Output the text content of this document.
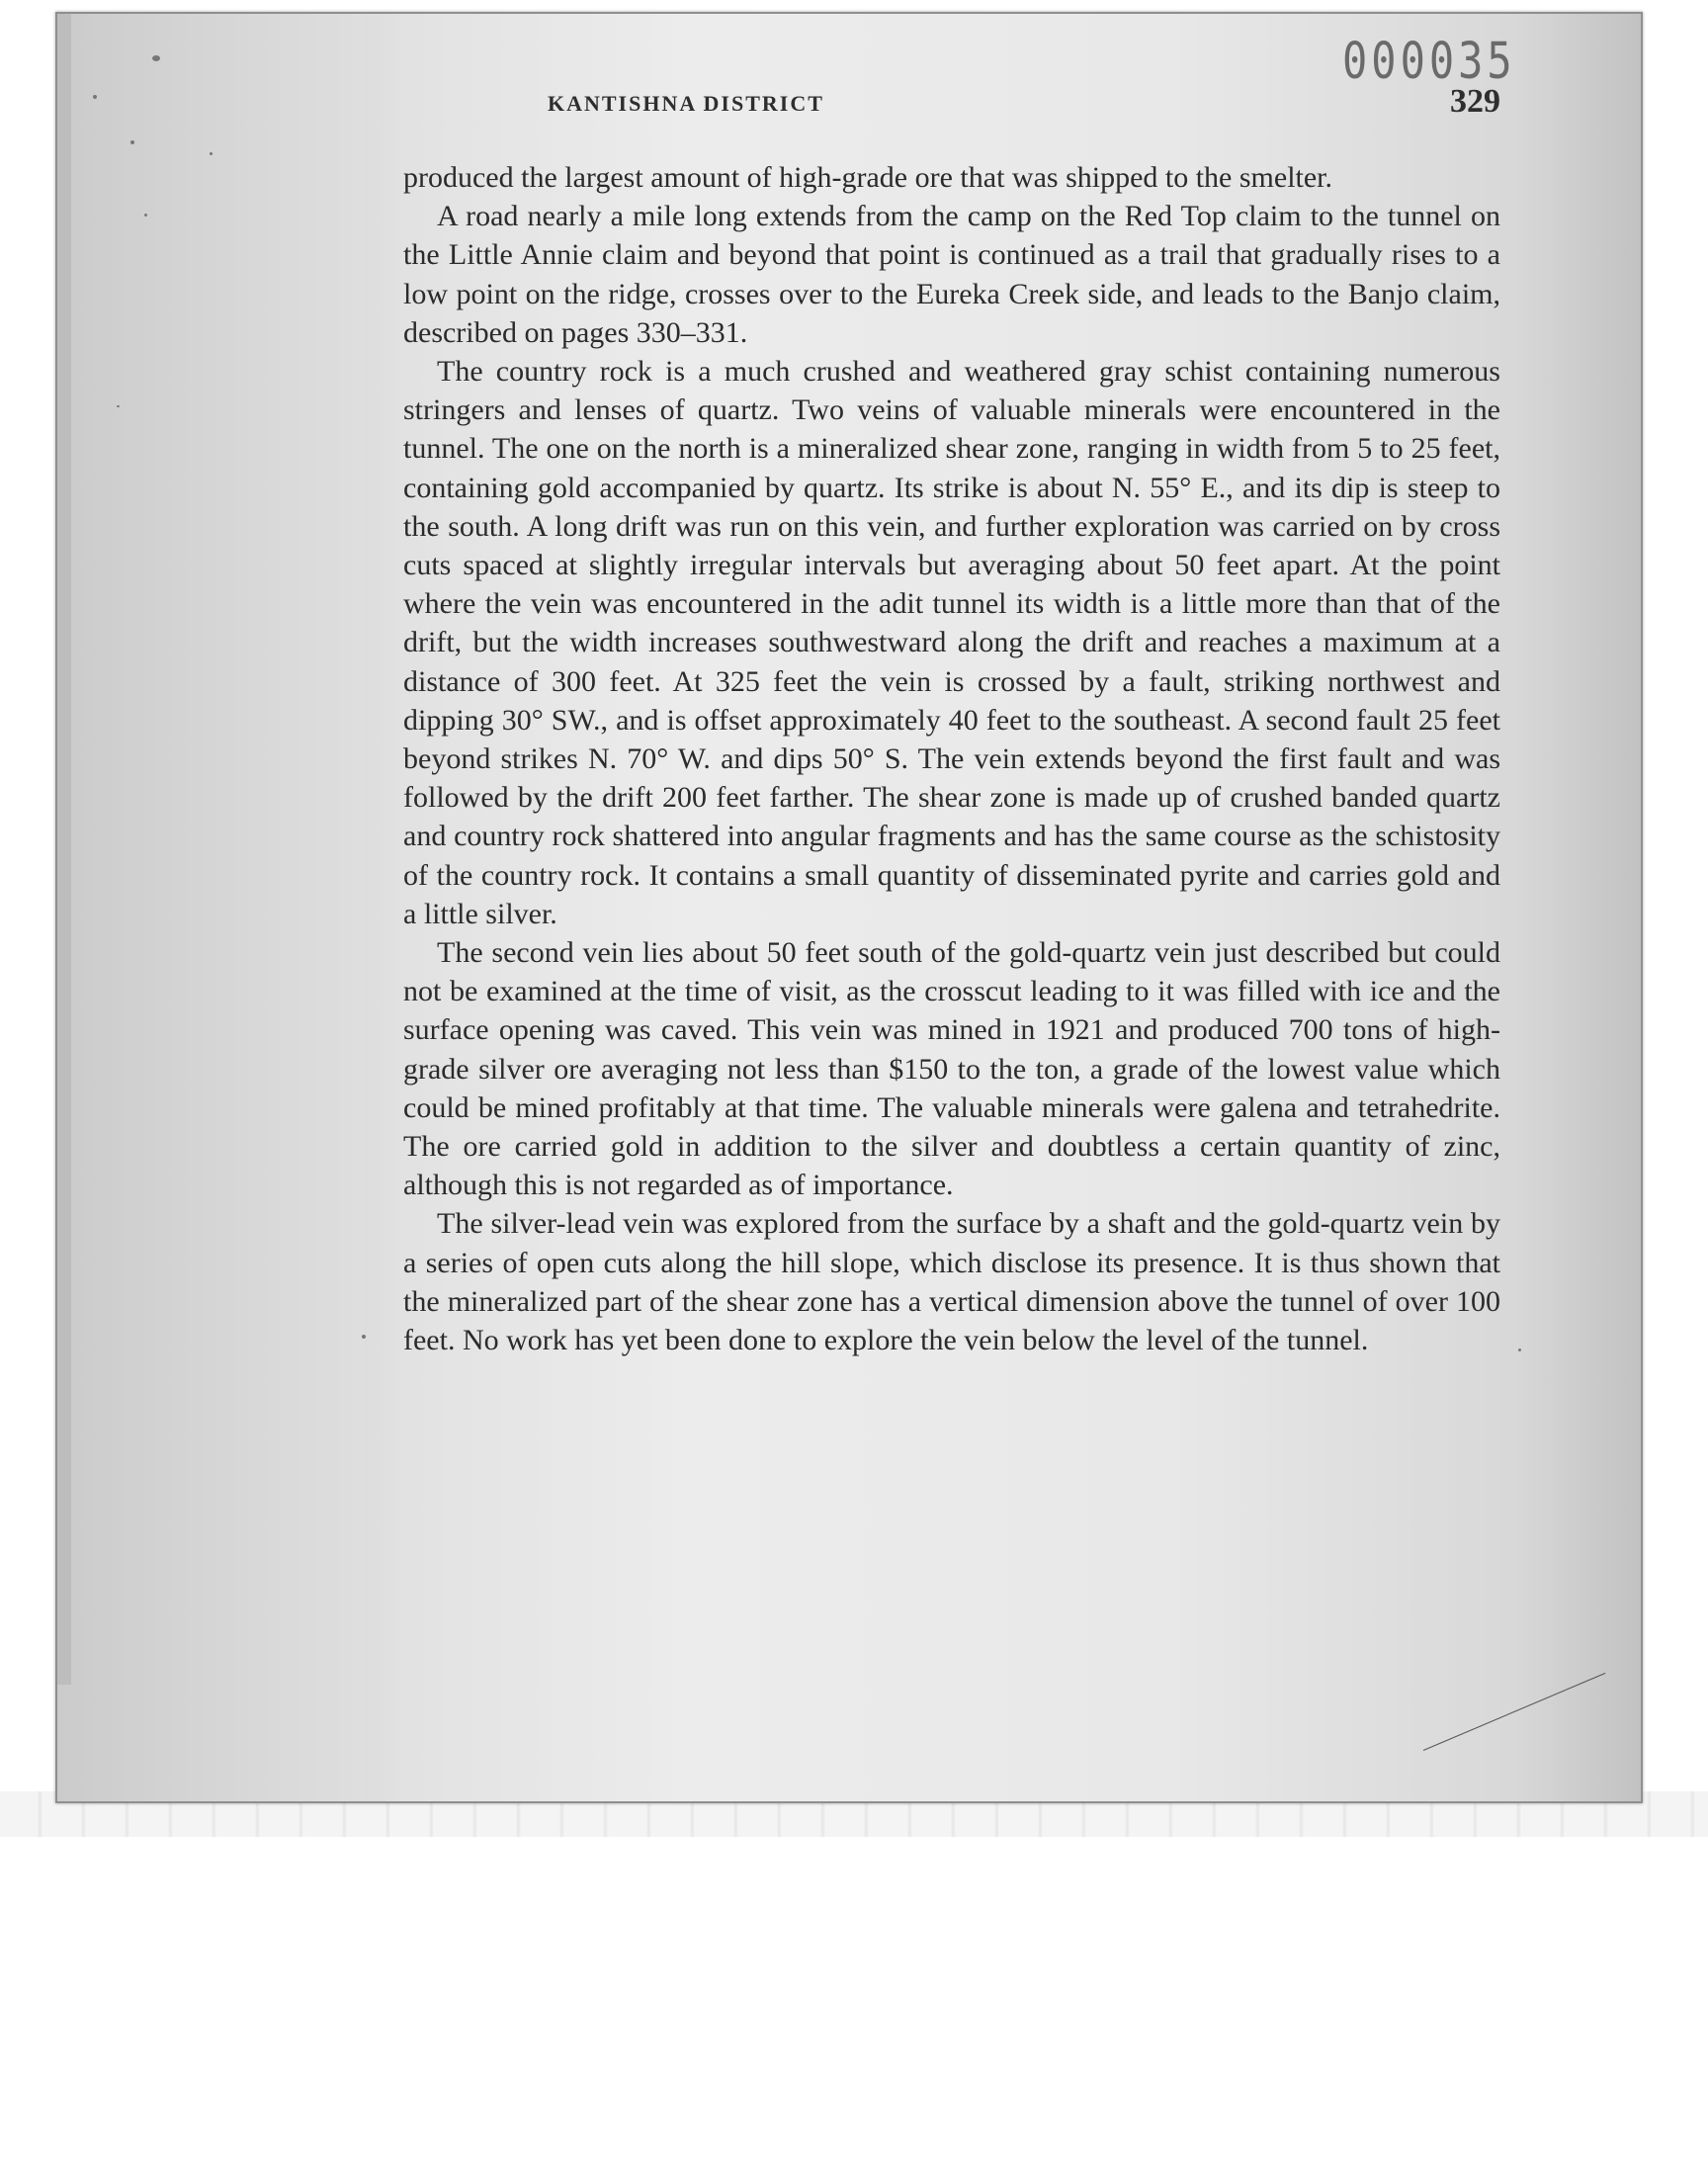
000035
KANTISHNA DISTRICT	329

produced the largest amount of high-grade ore that was shipped to the smelter.

A road nearly a mile long extends from the camp on the Red Top claim to the tunnel on the Little Annie claim and beyond that point is continued as a trail that gradually rises to a low point on the ridge, crosses over to the Eureka Creek side, and leads to the Banjo claim, described on pages 330–331.

The country rock is a much crushed and weathered gray schist containing numerous stringers and lenses of quartz. Two veins of valuable minerals were encountered in the tunnel. The one on the north is a mineralized shear zone, ranging in width from 5 to 25 feet, containing gold accompanied by quartz. Its strike is about N. 55° E., and its dip is steep to the south. A long drift was run on this vein, and further exploration was carried on by cross cuts spaced at slightly irregular intervals but averaging about 50 feet apart. At the point where the vein was encountered in the adit tunnel its width is a little more than that of the drift, but the width increases southwestward along the drift and reaches a maximum at a distance of 300 feet. At 325 feet the vein is crossed by a fault, striking northwest and dipping 30° SW., and is offset approximately 40 feet to the southeast. A second fault 25 feet beyond strikes N. 70° W. and dips 50° S. The vein extends beyond the first fault and was followed by the drift 200 feet farther. The shear zone is made up of crushed banded quartz and country rock shattered into angular fragments and has the same course as the schistosity of the country rock. It contains a small quantity of disseminated pyrite and carries gold and a little silver.

The second vein lies about 50 feet south of the gold-quartz vein just described but could not be examined at the time of visit, as the crosscut leading to it was filled with ice and the surface opening was caved. This vein was mined in 1921 and produced 700 tons of high-grade silver ore averaging not less than $150 to the ton, a grade of the lowest value which could be mined profitably at that time. The valuable minerals were galena and tetrahedrite. The ore carried gold in addition to the silver and doubtless a certain quantity of zinc, although this is not regarded as of importance.

The silver-lead vein was explored from the surface by a shaft and the gold-quartz vein by a series of open cuts along the hill slope, which disclose its presence. It is thus shown that the mineralized part of the shear zone has a vertical dimension above the tunnel of over 100 feet. No work has yet been done to explore the vein below the level of the tunnel.
